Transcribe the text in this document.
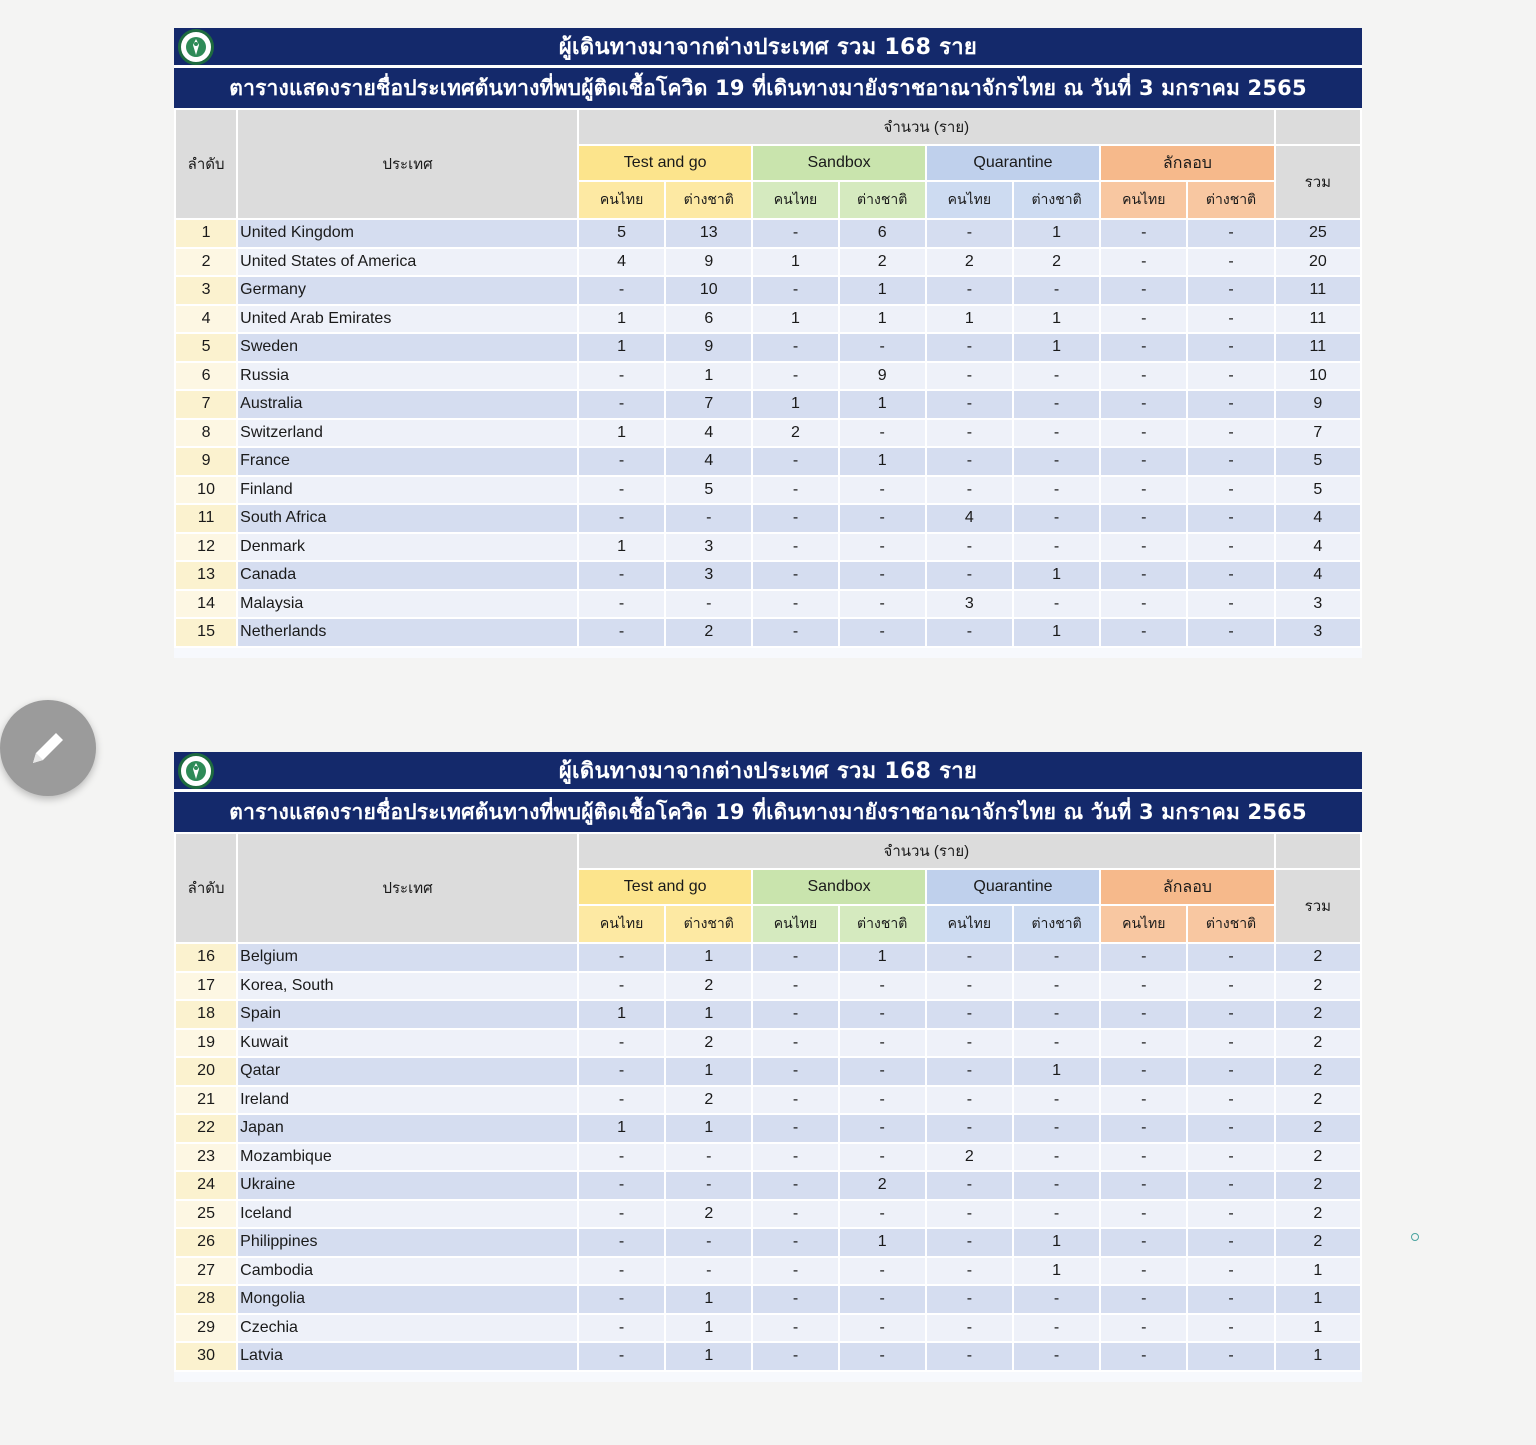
ผู้เดินทางมาจากต่างประเทศ รวม 168 ราย
ตารางแสดงรายชื่อประเทศต้นทางที่พบผู้ติดเชื้อโควิด 19 ที่เดินทางมายังราชอาณาจักรไทย ณ วันที่ 3 มกราคม 2565
ลำดับ	ประเทศ	จำนวน (ราย)								
		Test and go		Sandbox		Quarantine		ลักลอบ		รวม
		คนไทย	ต่างชาติ	คนไทย	ต่างชาติ	คนไทย	ต่างชาติ	คนไทย	ต่างชาติ	
1	United Kingdom	5	13	-	6	-	1	-	-	25
2	United States of America	4	9	1	2	2	2	-	-	20
3	Germany	-	10	-	1	-	-	-	-	11
4	United Arab Emirates	1	6	1	1	1	1	-	-	11
5	Sweden	1	9	-	-	-	1	-	-	11
6	Russia	-	1	-	9	-	-	-	-	10
7	Australia	-	7	1	1	-	-	-	-	9
8	Switzerland	1	4	2	-	-	-	-	-	7
9	France	-	4	-	1	-	-	-	-	5
10	Finland	-	5	-	-	-	-	-	-	5
11	South Africa	-	-	-	-	4	-	-	-	4
12	Denmark	1	3	-	-	-	-	-	-	4
13	Canada	-	3	-	-	-	1	-	-	4
14	Malaysia	-	-	-	-	3	-	-	-	3
15	Netherlands	-	2	-	-	-	1	-	-	3
ผู้เดินทางมาจากต่างประเทศ รวม 168 ราย
ตารางแสดงรายชื่อประเทศต้นทางที่พบผู้ติดเชื้อโควิด 19 ที่เดินทางมายังราชอาณาจักรไทย ณ วันที่ 3 มกราคม 2565
ลำดับ	ประเทศ	จำนวน (ราย)								
		Test and go		Sandbox		Quarantine		ลักลอบ		รวม
		คนไทย	ต่างชาติ	คนไทย	ต่างชาติ	คนไทย	ต่างชาติ	คนไทย	ต่างชาติ	
16	Belgium	-	1	-	1	-	-	-	-	2
17	Korea, South	-	2	-	-	-	-	-	-	2
18	Spain	1	1	-	-	-	-	-	-	2
19	Kuwait	-	2	-	-	-	-	-	-	2
20	Qatar	-	1	-	-	-	1	-	-	2
21	Ireland	-	2	-	-	-	-	-	-	2
22	Japan	1	1	-	-	-	-	-	-	2
23	Mozambique	-	-	-	-	2	-	-	-	2
24	Ukraine	-	-	-	2	-	-	-	-	2
25	Iceland	-	2	-	-	-	-	-	-	2
26	Philippines	-	-	-	1	-	1	-	-	2
27	Cambodia	-	-	-	-	-	1	-	-	1
28	Mongolia	-	1	-	-	-	-	-	-	1
29	Czechia	-	1	-	-	-	-	-	-	1
30	Latvia	-	1	-	-	-	-	-	-	1
